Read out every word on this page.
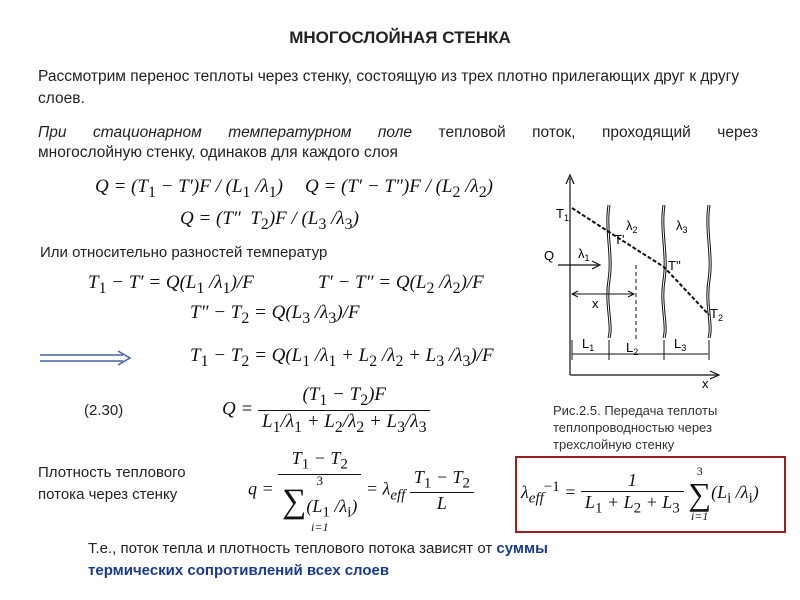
МНОГОСЛОЙНАЯ СТЕНКА
Рассмотрим перенос теплоты через стенку, состоящую из трех плотно прилегающих друг к другу слоев.
При стационарном температурном поле тепловой поток, проходящий через
многослойную стенку, одинаков для каждого слоя
$Q = (T_1 - T')F / (L_1$ $/\lambda_1$) $Q = (T' - T'')F / (L_2$ $/\lambda_2$)
Q = (T″  $T_2)F / (L_3$ $/\lambda_3$)
Или относительно разностей температур
$T_1 - T' = Q(L_1$ $/\lambda_1)/F$	$T' - T'' = Q(L_2$ $/\lambda_2)/F$
$T'' - T_2 = Q(L_3$ $/\lambda_3)/F$
$T_1 - T_2 = Q(L_1$ $/\lambda_1 + L_2$ $/\lambda_2 + L_3$ $/\lambda_3)/F$
(2.30)	$Q = \frac{(T_1 - T_2)F}{L_1/\lambda_1 + L_2/\lambda_2 + L_3/\lambda_3}$
Плотность теплового
потока через стенку	$q = T_1 - T_2$
3
$\sum(L_1$ $/\lambda_i$)
$i=1 = \lambda_{eff} \frac{T_1 - T_2}{L}$	$\lambda_{eff}^{-1} = \frac{1}{L_1 + L_2 + L_3}$
	3
∑
i=1
($L_i$ $/\lambda_i$)
$T_1$
$T_2$
T'
T''
Q
x
x
$\lambda_1$
$\lambda_2$	$\lambda_3$
$L_1$ $L_2$
$L_3$
Рис.2.5. Передача теплоты теплопроводностью через трехслойную стенку
Т.е., поток тепла и плотность теплового потока зависят от суммы
термических сопротивлений всех слоев
